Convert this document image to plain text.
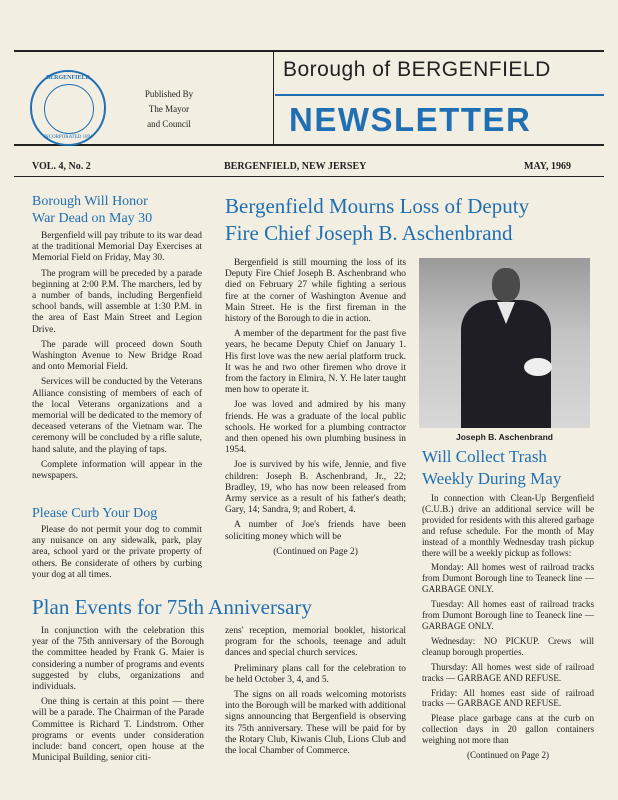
BERGENFIELD
INCORPORATED 1894
Published By
The Mayor
and Council
Borough of BERGENFIELD
NEWSLETTER
VOL. 4, No. 2	BERGENFIELD, NEW JERSEY	MAY, 1969
Borough Will Honor
War Dead on May 30

Bergenfield will pay tribute to its war dead at the traditional Memorial Day Exercises at Memorial Field on Friday, May 30.

The program will be preceded by a parade beginning at 2:00 P.M. The marchers, led by a number of bands, including Bergenfield school bands, will assemble at 1:30 P.M. in the area of East Main Street and Legion Drive.

The parade will proceed down South Washington Avenue to New Bridge Road and onto Memorial Field.

Services will be conducted by the Veterans Alliance consisting of members of each of the local Veterans organizations and a memorial will be dedicated to the memory of deceased veterans of the Vietnam war. The ceremony will be concluded by a rifle salute, hand salute, and the playing of taps.

Complete information will appear in the newspapers.

Please Curb Your Dog

Please do not permit your dog to commit any nuisance on any sidewalk, park, play area, school yard or the private property of others. Be considerate of others by curbing your dog at all times.

Bergenfield Mourns Loss of Deputy
Fire Chief Joseph B. Aschenbrand

Bergenfield is still mourning the loss of its Deputy Fire Chief Joseph B. Aschenbrand who died on February 27 while fighting a serious fire at the corner of Washington Avenue and Main Street. He is the first fireman in the history of the Borough to die in action.

A member of the department for the past five years, he became Deputy Chief on January 1. His first love was the new aerial platform truck. It was he and two other firemen who drove it from the factory in Elmira, N. Y. He later taught men how to operate it.

Joe was loved and admired by his many friends. He was a graduate of the local public schools. He worked for a plumbing contractor and then opened his own plumbing business in 1954.

Joe is survived by his wife, Jennie, and five children: Joseph B. Aschenbrand, Jr., 22; Bradley, 19, who has now been released from Army service as a result of his father's death; Gary, 14; Sandra, 9; and Robert, 4.

A number of Joe's friends have been soliciting money which will be

(Continued on Page 2)
Joseph B. Aschenbrand
Will Collect Trash
Weekly During May

In connection with Clean-Up Bergenfield (C.U.B.) drive an additional service will be provided for residents with this altered garbage and refuse schedule. For the month of May instead of a monthly Wednesday trash pickup there will be a weekly pickup as follows:

Monday: All homes west of railroad tracks from Dumont Borough line to Teaneck line — GARBAGE ONLY.

Tuesday: All homes east of railroad tracks from Dumont Borough line to Teaneck line — GARBAGE ONLY.

Wednesday: NO PICKUP. Crews will cleanup borough properties.

Thursday: All homes west side of railroad tracks — GARBAGE AND REFUSE.

Friday: All homes east side of railroad tracks — GARBAGE AND REFUSE.

Please place garbage cans at the curb on collection days in 20 gallon containers weighing not more than

(Continued on Page 2)
Plan Events for 75th Anniversary

In conjunction with the celebration this year of the 75th anniversary of the Borough the committee headed by Frank G. Maier is considering a number of programs and events suggested by clubs, organizations and individuals.

One thing is certain at this point — there will be a parade. The Chairman of the Parade Committee is Richard T. Lindstrom. Other programs or events under consideration include: band concert, open house at the Municipal Building, senior citi-

zens' reception, memorial booklet, historical program for the schools, teenage and adult dances and special church services.

Preliminary plans call for the celebration to be held October 3, 4, and 5.

The signs on all roads welcoming motorists into the Borough will be marked with additional signs announcing that Bergenfield is observing its 75th anniversary. These will be paid for by the Rotary Club, Kiwanis Club, Lions Club and the local Chamber of Commerce.
